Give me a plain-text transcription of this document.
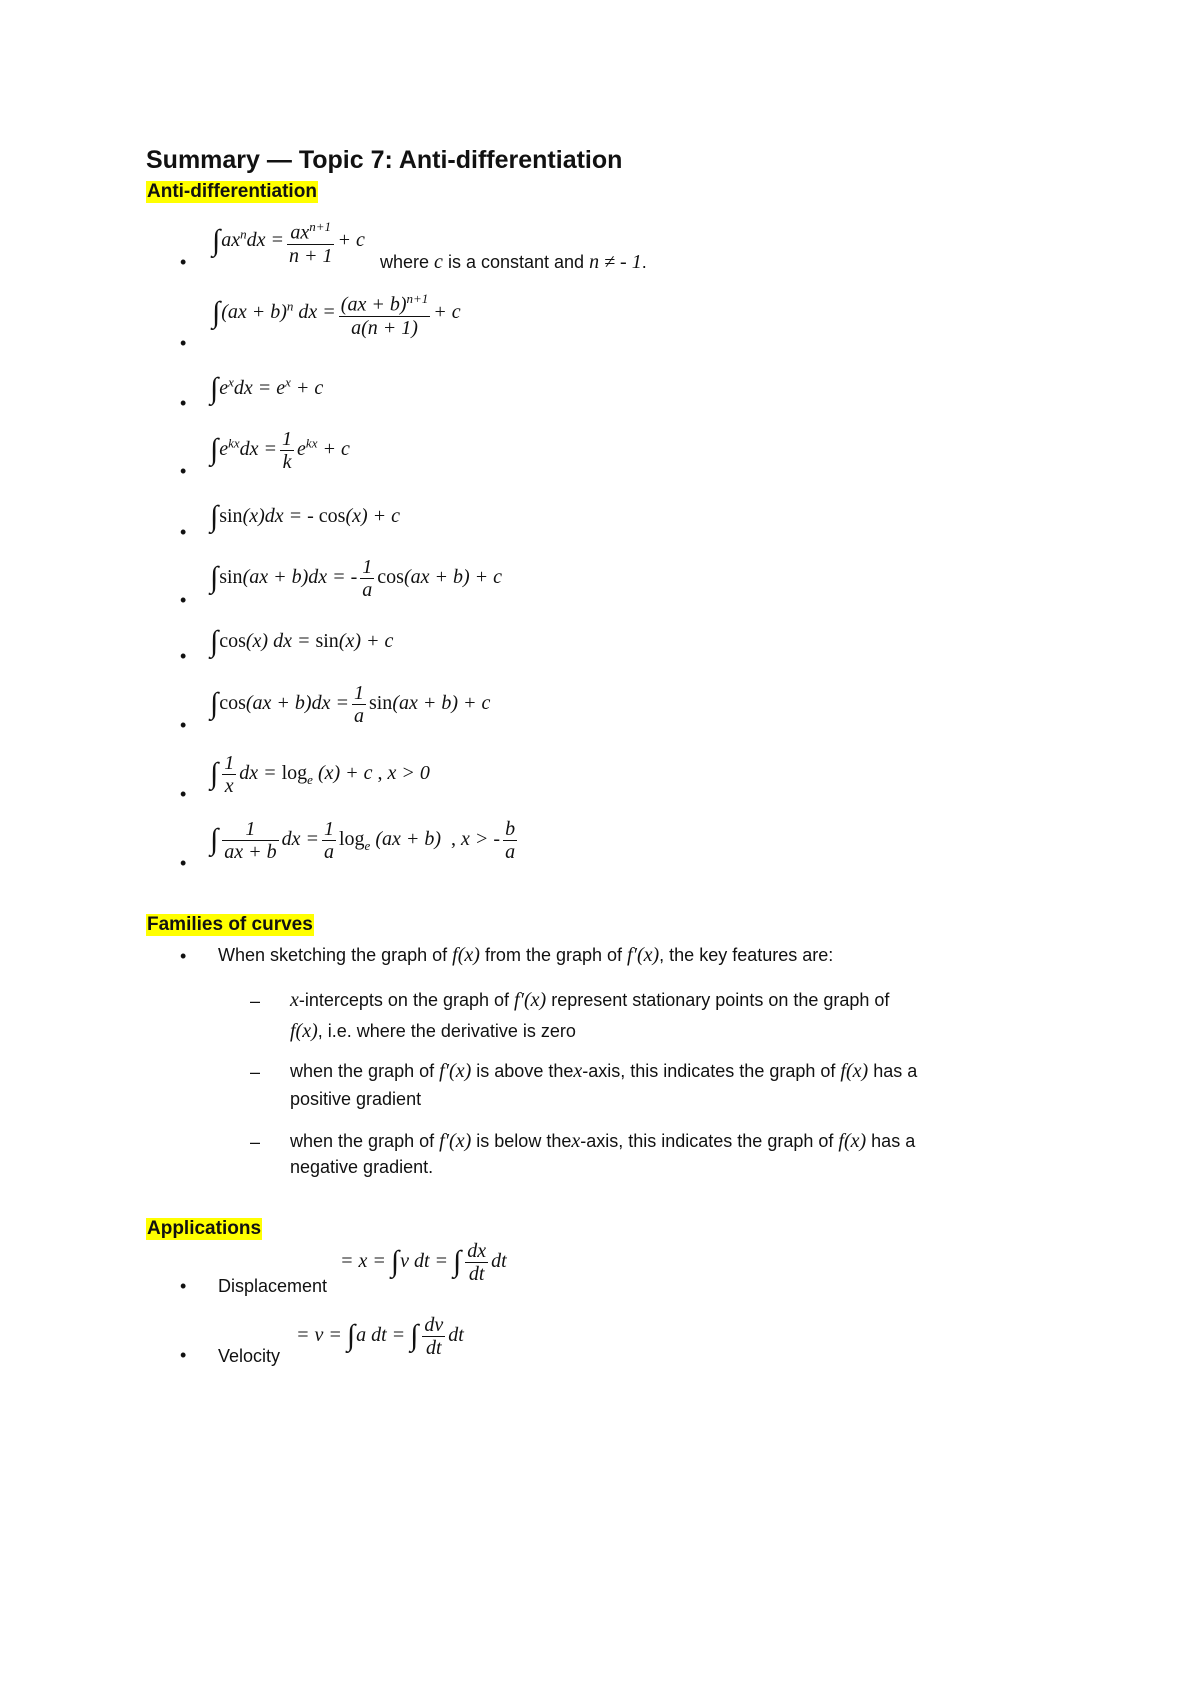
Summary — Topic 7: Anti-differentiation
Anti-differentiation
•
$\int ax^ndx = \frac{ax^{n+1}}{n + 1} + c$
where c is a constant and n ≠ - 1.
•
∫(ax + b)$^n$ dx = $\frac{(ax + b)^{n+1}}{a(n + 1)} + c$
• $\int e^xdx = e^x + c$
•
$\int e^{kx}dx = \frac{1}{k} e^{kx} + c$
• ∫sin(x)dx = - cos(x) + c
•
∫sin(ax + b)dx = - $\frac{1}{a} \cos(ax + b) + c$
• ∫cos(x) dx = sin(x) + c
•
$\int\cos(ax + b)dx = \frac{1}{a} \sin(ax + b) + c$
•
∫ $\frac{1}{x}$ dx = $\log_e (x) + c$ , x > 0
•
∫ $\frac{1}{ax + b}$ dx = $\frac{1}{a} \log_e (ax + b)$  , x > - $\frac{b}{a}$
Families of curves
• When sketching the graph of f(x) from the graph of f′(x), the key features are:
– x-intercepts on the graph of f′(x) represent stationary points on the graph of
f(x), i.e. where the derivative is zero
– when the graph of f′(x) is above thex-axis, this indicates the graph of f(x) has a
positive gradient
– when the graph of f′(x) is below thex-axis, this indicates the graph of f(x) has a
negative gradient.
Applications
• Displacement
= x = ∫v dt = ∫ $\frac{dx}{dt}$ dt
• Velocity
= v = ∫a dt = ∫ $\frac{dv}{dt}$ dt
